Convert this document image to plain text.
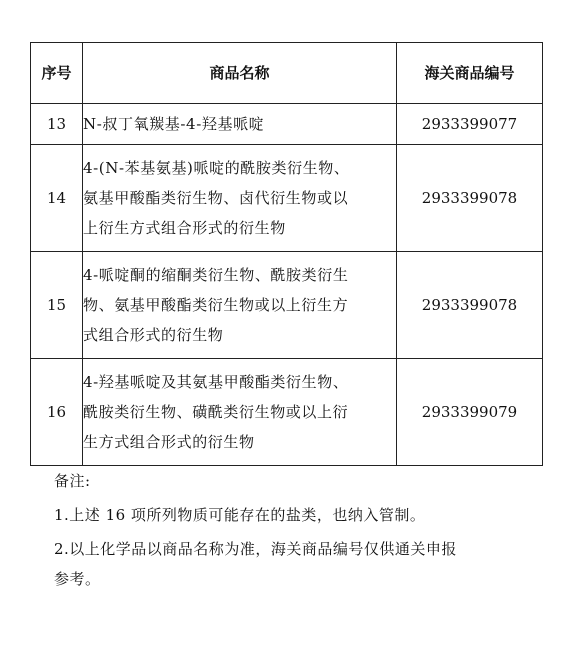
序号	商品名称	海关商品编号
13	N-叔丁氧羰基-4-羟基哌啶	2933399077
14	4-(N-苯基氨基)哌啶的酰胺类衍生物、
氨基甲酸酯类衍生物、卤代衍生物或以
上衍生方式组合形式的衍生物	2933399078
15	4-哌啶酮的缩酮类衍生物、酰胺类衍生
物、氨基甲酸酯类衍生物或以上衍生方
式组合形式的衍生物	2933399078
16	4-羟基哌啶及其氨基甲酸酯类衍生物、
酰胺类衍生物、磺酰类衍生物或以上衍
生方式组合形式的衍生物	2933399079
备注:
1.上述 16 项所列物质可能存在的盐类，也纳入管制。
2.以上化学品以商品名称为准，海关商品编号仅供通关申报
参考。
